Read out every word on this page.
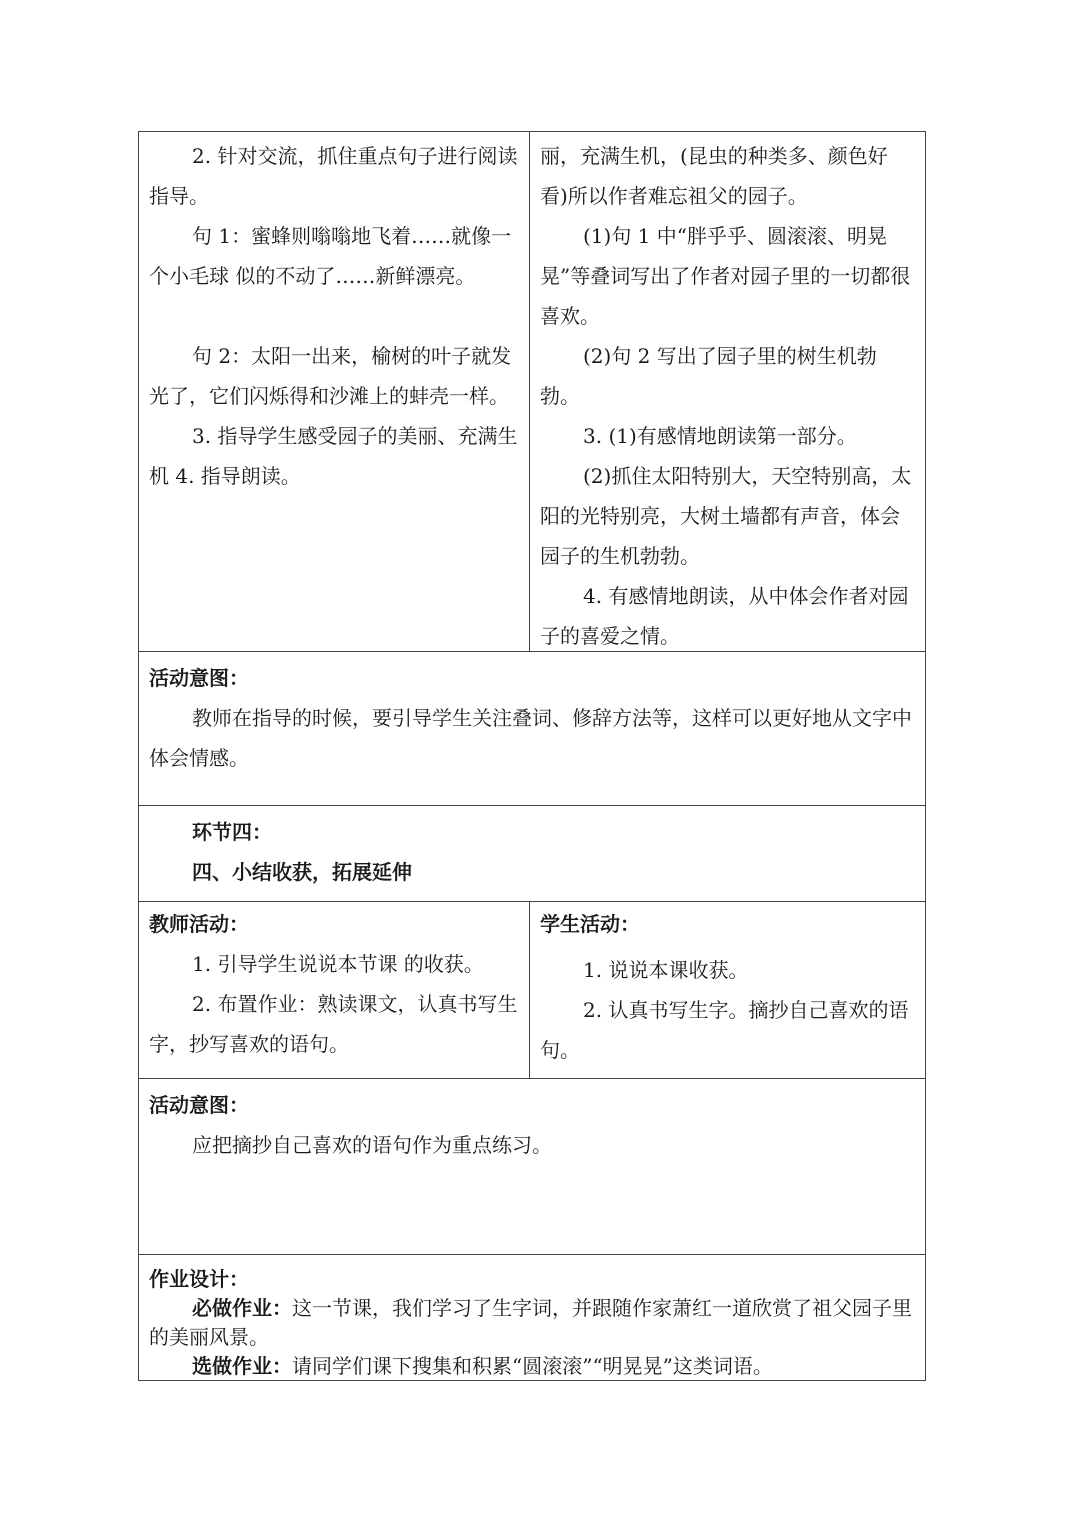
2. 针对交流，抓住重点句子进行阅读指导。

句 1：蜜蜂则嗡嗡地飞着……就像一个小毛球 似的不动了……新鲜漂亮。

句 2：太阳一出来，榆树的叶子就发光了，它们闪烁得和沙滩上的蚌壳一样。

3. 指导学生感受园子的美丽、充满生机 4. 指导朗读。

丽，充满生机，(昆虫的种类多、颜色好看)所以作者难忘祖父的园子。

(1)句 1 中“胖乎乎、圆滚滚、明晃晃”等叠词写出了作者对园子里的一切都很喜欢。

(2)句 2 写出了园子里的树生机勃勃。

3. (1)有感情地朗读第一部分。

(2)抓住太阳特别大，天空特别高，太阳的光特别亮，大树土墙都有声音，体会园子的生机勃勃。

4. 有感情地朗读，从中体会作者对园子的喜爱之情。

活动意图：

教师在指导的时候，要引导学生关注叠词、修辞方法等，这样可以更好地从文字中体会情感。

环节四：

四、小结收获，拓展延伸

教师活动：

1. 引导学生说说本节课 的收获。

2. 布置作业：熟读课文，认真书写生字，抄写喜欢的语句。

学生活动：

1. 说说本课收获。

2. 认真书写生字。摘抄自己喜欢的语句。

活动意图：

应把摘抄自己喜欢的语句作为重点练习。

作业设计：

必做作业：这一节课，我们学习了生字词，并跟随作家萧红一道欣赏了祖父园子里的美丽风景。

选做作业：请同学们课下搜集和积累“圆滚滚”“明晃晃”这类词语。
